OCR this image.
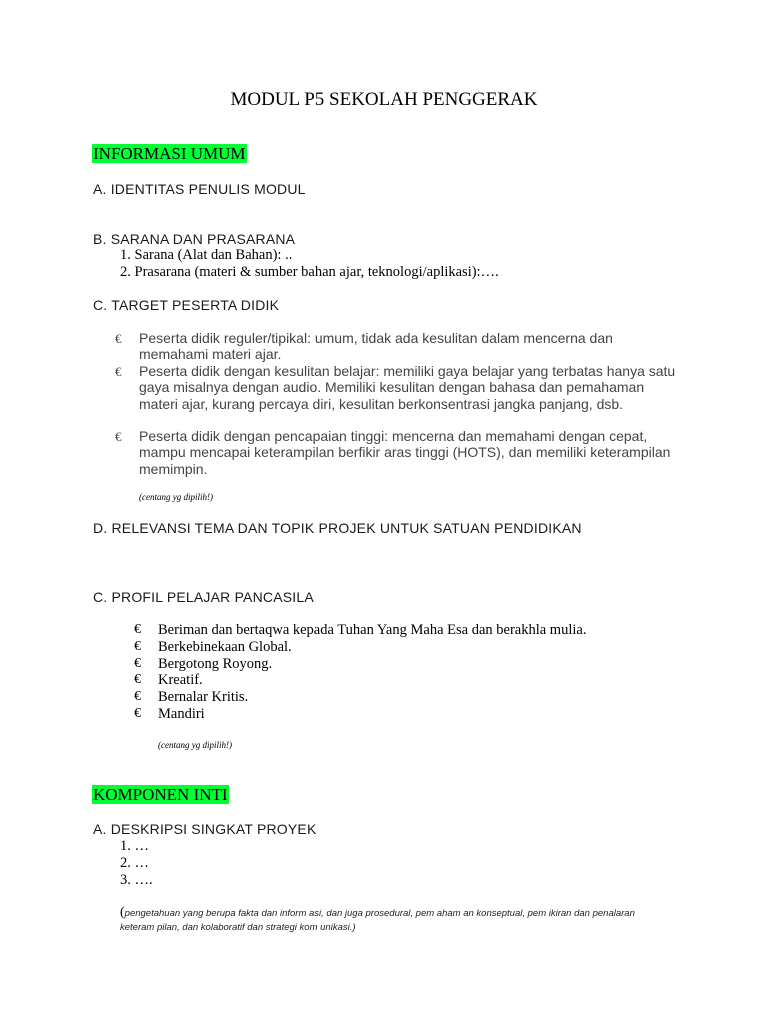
MODUL P5 SEKOLAH PENGGERAK
INFORMASI UMUM
A. IDENTITAS PENULIS MODUL
B. SARANA DAN PRASARANA
1. Sarana (Alat dan Bahan): ..
2. Prasarana (materi & sumber bahan ajar, teknologi/aplikasi):….
C. TARGET PESERTA DIDIK
€ Peserta didik reguler/tipikal: umum, tidak ada kesulitan dalam mencerna dan memahami materi ajar.
€ Peserta didik dengan kesulitan belajar: memiliki gaya belajar yang terbatas hanya satu gaya misalnya dengan audio. Memiliki kesulitan dengan bahasa dan pemahaman materi ajar, kurang percaya diri, kesulitan berkonsentrasi jangka panjang, dsb.
€ Peserta didik dengan pencapaian tinggi: mencerna dan memahami dengan cepat, mampu mencapai keterampilan berfikir aras tinggi (HOTS), dan memiliki keterampilan memimpin.
(centang yg dipilih!)
D. RELEVANSI TEMA DAN TOPIK PROJEK UNTUK SATUAN PENDIDIKAN
C. PROFIL PELAJAR PANCASILA
€ Beriman dan bertaqwa kepada Tuhan Yang Maha Esa dan berakhla mulia.
€ Berkebinekaan Global.
€ Bergotong Royong.
€ Kreatif.
€ Bernalar Kritis.
€ Mandiri
(centang yg dipilih!)
KOMPONEN INTI
A. DESKRIPSI SINGKAT PROYEK
1. …
2. …
3. ….
(pengetahuan yang berupa fakta dan inform asi, dan juga prosedural, pem aham an konseptual, pem ikiran dan penalaran
keteram pilan, dan kolaboratif dan strategi kom unikasi.)
